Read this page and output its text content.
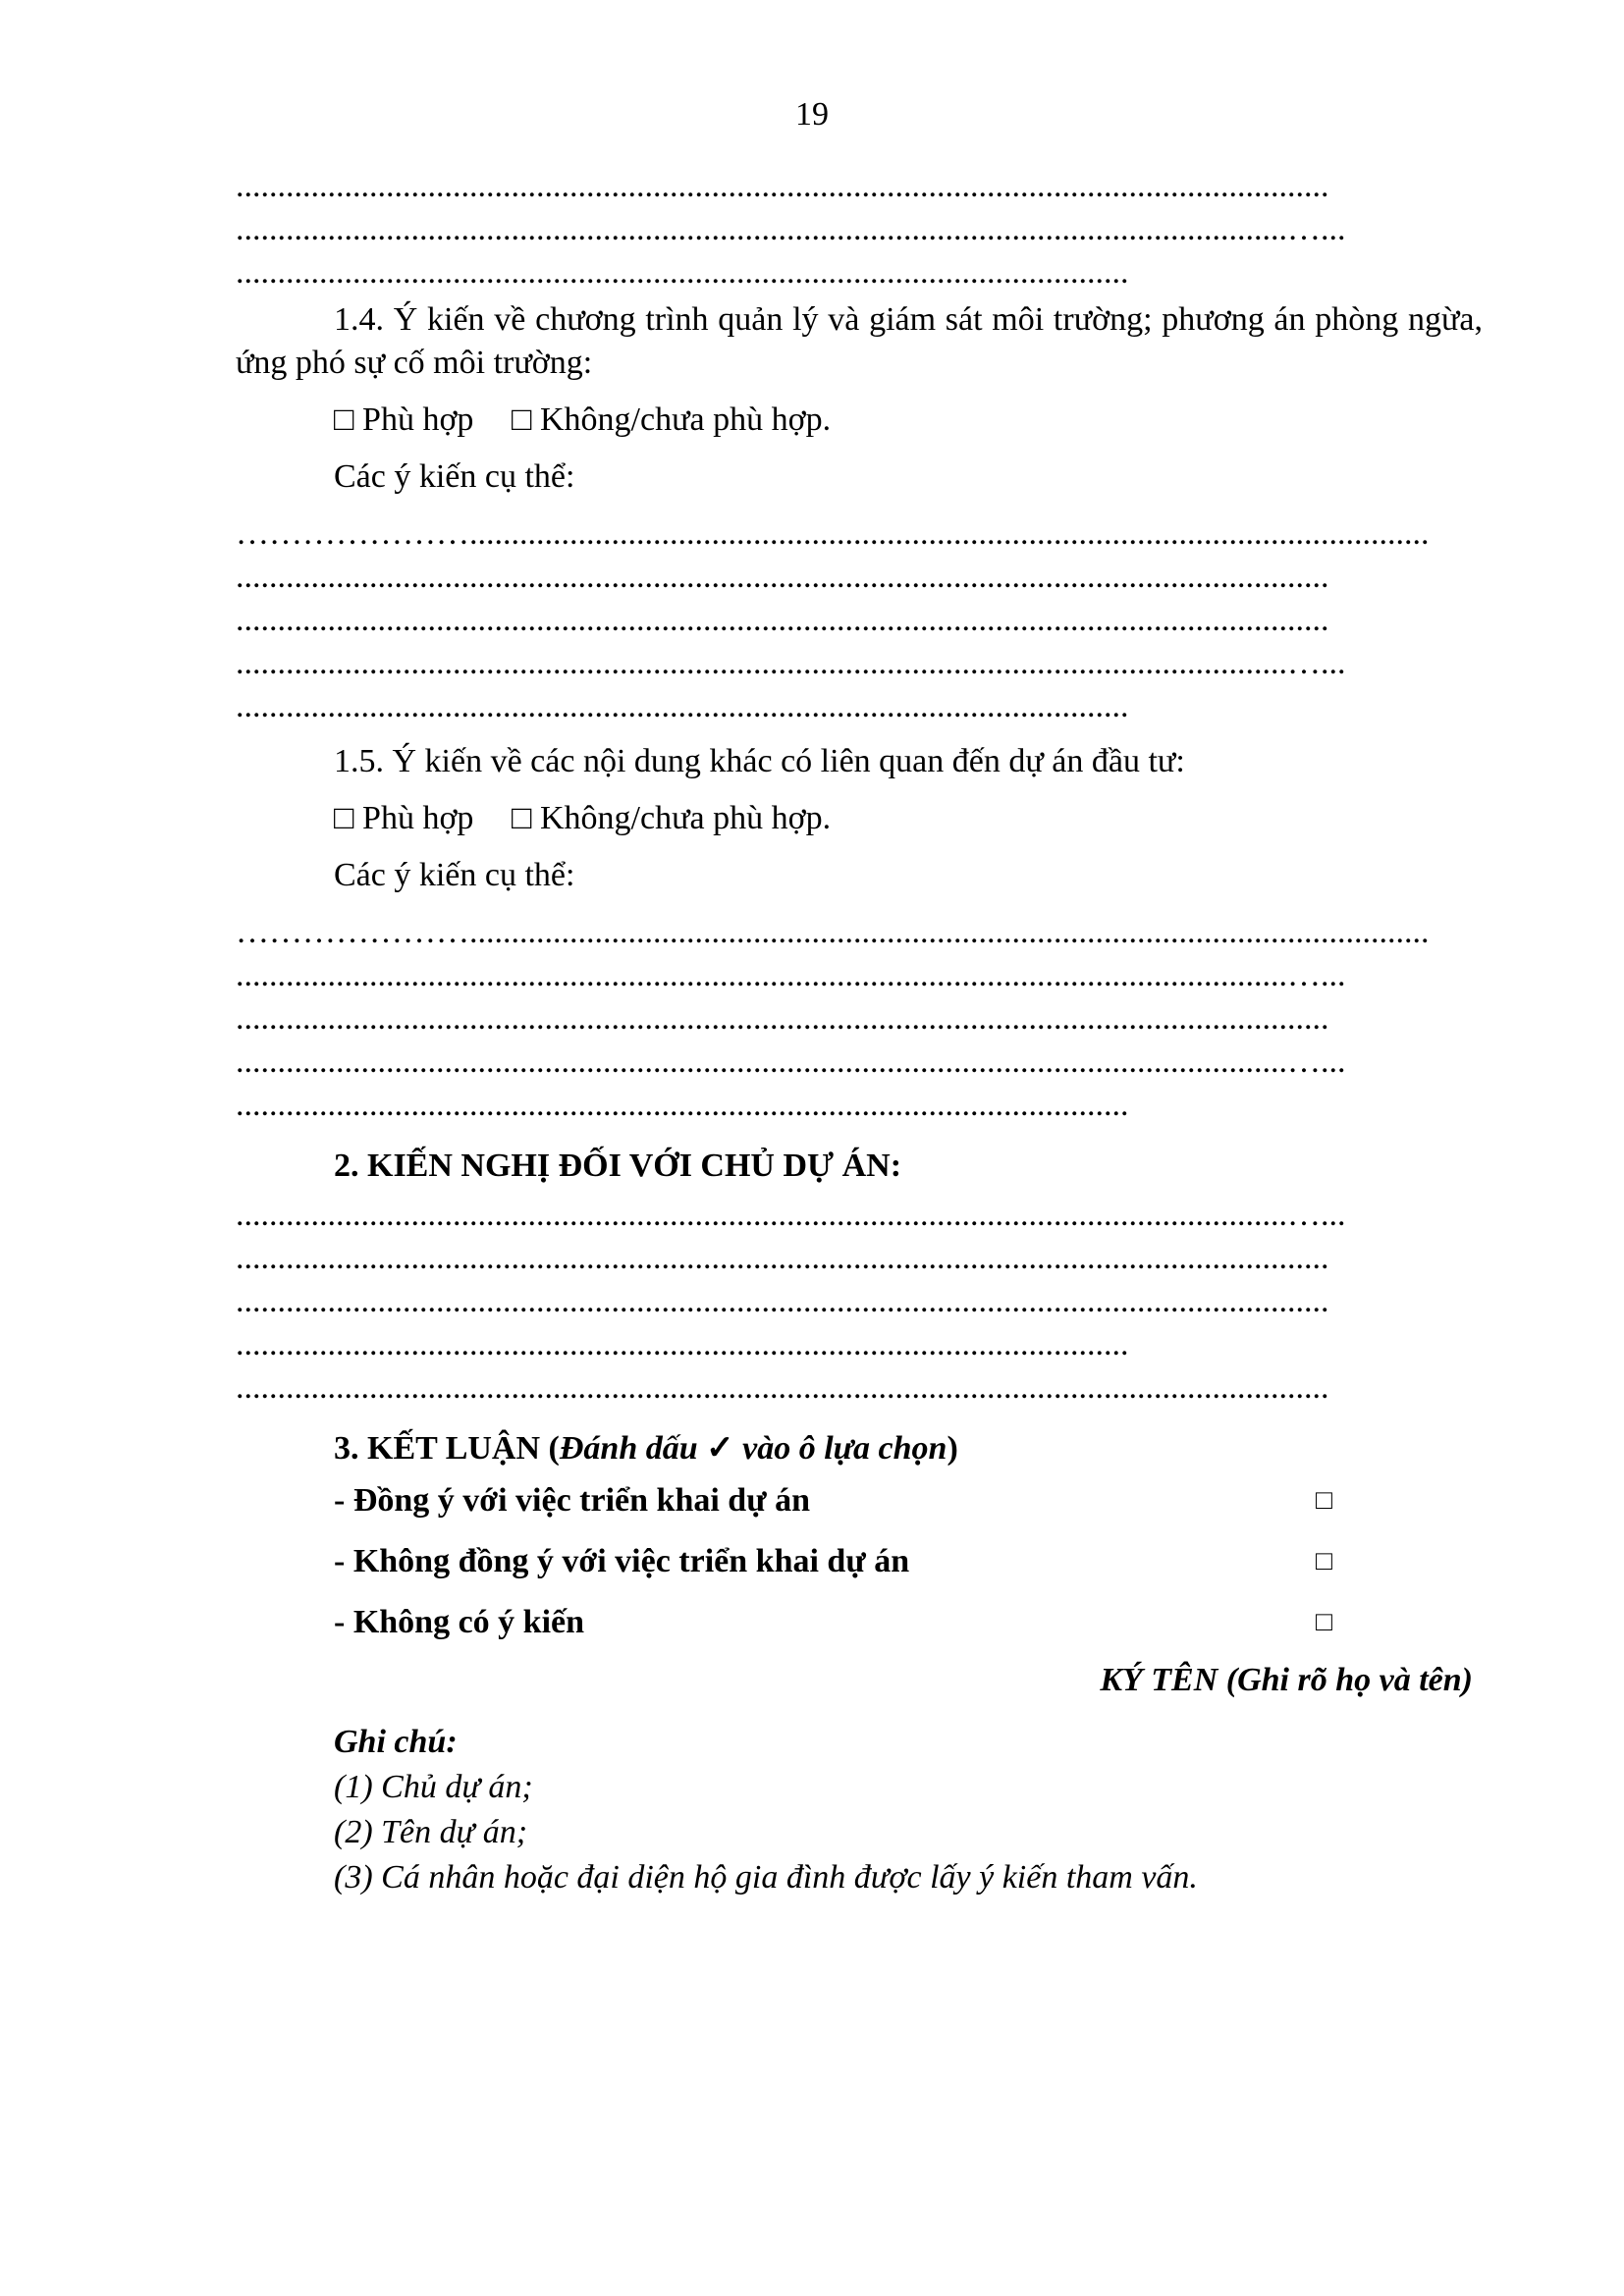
19
...................................................................................................................................
..............................................................................................................................…...
...........................................................................................................
1.4. Ý kiến về chương trình quản lý và giám sát môi trường; phương án phòng ngừa, ứng phó sự cố môi trường:
□ Phù hợp □ Không/chưa phù hợp.
Các ý kiến cụ thể:
…………………...................................................................................................................
...................................................................................................................................
...................................................................................................................................
..............................................................................................................................…...
...........................................................................................................
1.5. Ý kiến về các nội dung khác có liên quan đến dự án đầu tư:
□ Phù hợp □ Không/chưa phù hợp.
Các ý kiến cụ thể:
…………………...................................................................................................................
..............................................................................................................................…...
...................................................................................................................................
..............................................................................................................................…...
...........................................................................................................
2. KIẾN NGHỊ ĐỐI VỚI CHỦ DỰ ÁN:
..............................................................................................................................…...
...................................................................................................................................
...................................................................................................................................
...........................................................................................................
...................................................................................................................................
3. KẾT LUẬN (Đánh dấu ✓ vào ô lựa chọn)
- Đồng ý với việc triển khai dự án	□
- Không đồng ý với việc triển khai dự án	□
- Không có ý kiến	□
KÝ TÊN (Ghi rõ họ và tên)
Ghi chú:
(1) Chủ dự án;
(2) Tên dự án;
(3) Cá nhân hoặc đại diện hộ gia đình được lấy ý kiến tham vấn.
